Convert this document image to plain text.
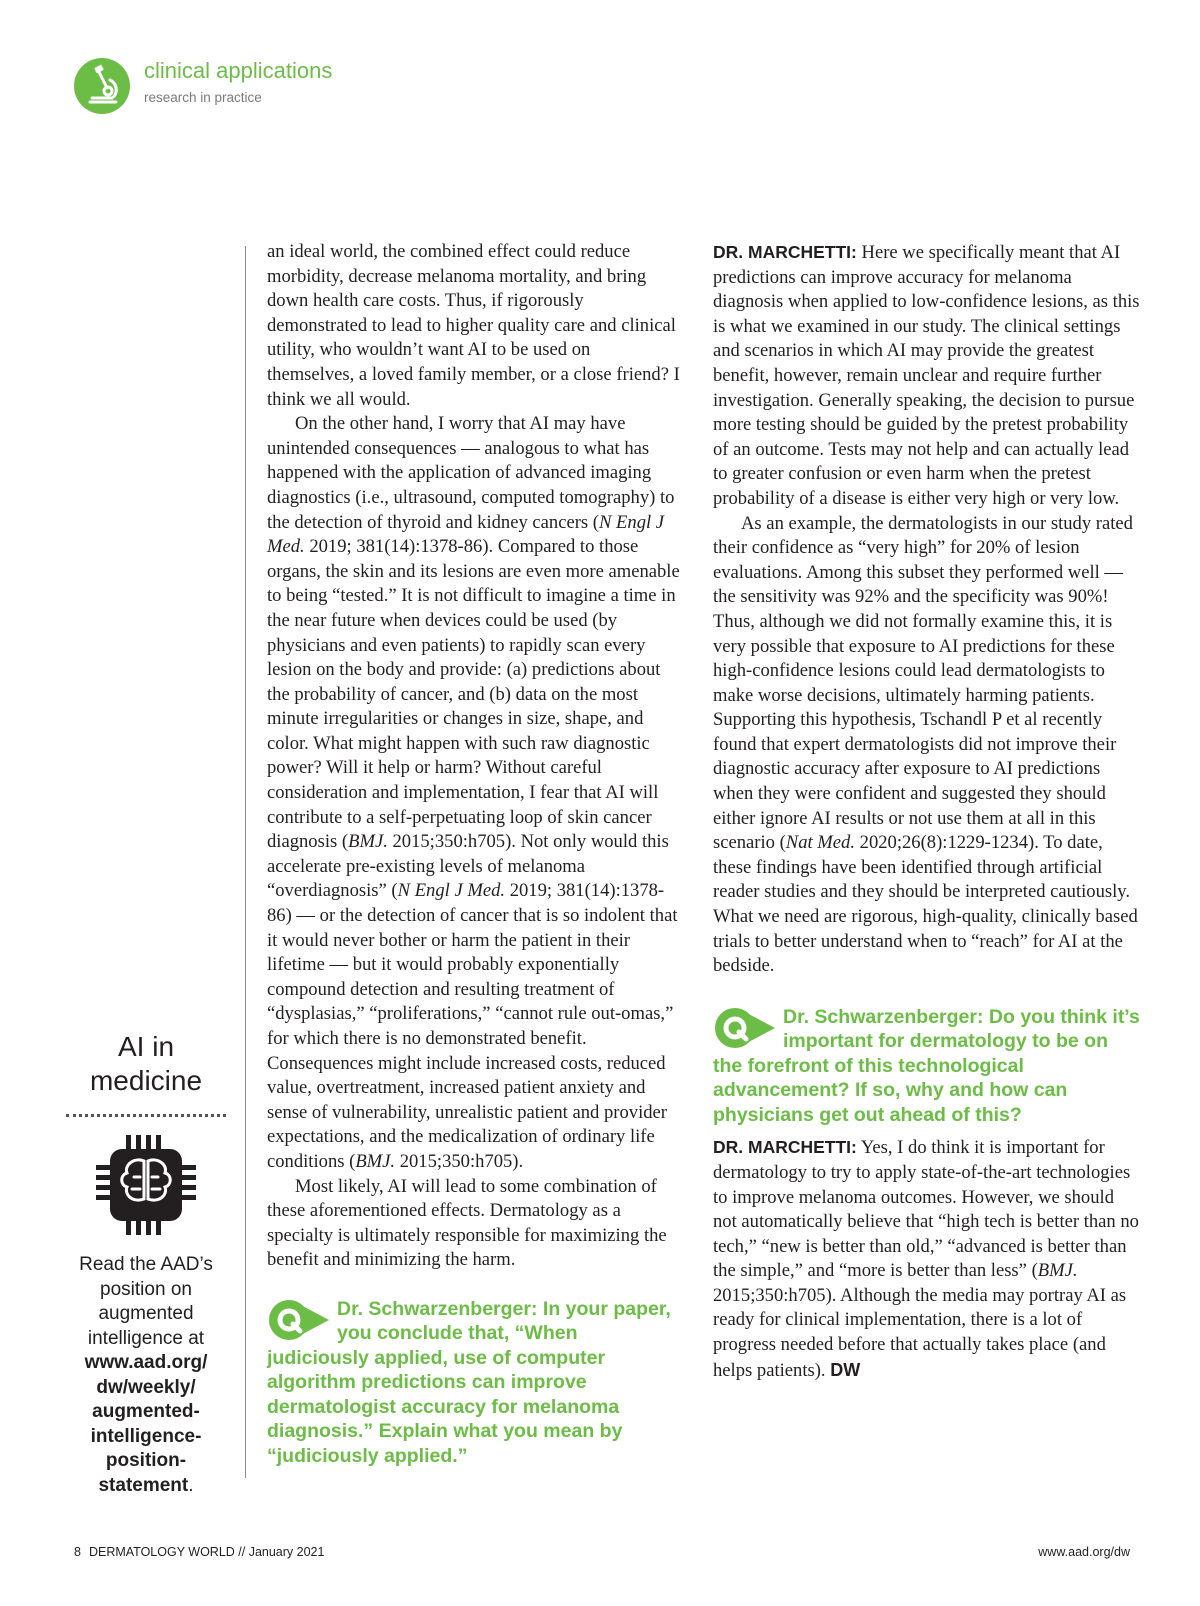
clinical applications
research in practice
AI in
medicine
Read the AAD’s
position on
augmented
intelligence at
www.aad.org/
dw/weekly/
augmented-
intelligence-
position-
statement.

an ideal world, the combined effect could reduce morbidity, decrease melanoma mortality, and bring down health care costs. Thus, if rigorously demonstrated to lead to higher quality care and clinical utility, who wouldn’t want AI to be used on themselves, a loved family member, or a close friend? I think we all would.

On the other hand, I worry that AI may have unintended consequences — analogous to what has happened with the application of advanced imaging diagnostics (i.e., ultrasound, computed tomography) to the detection of thyroid and kidney cancers (N Engl J Med. 2019; 381(14):1378-86). Compared to those organs, the skin and its lesions are even more amenable to being “tested.” It is not difficult to imagine a time in the near future when devices could be used (by physicians and even patients) to rapidly scan every lesion on the body and provide: (a) predictions about the probability of cancer, and (b) data on the most minute irregularities or changes in size, shape, and color. What might happen with such raw diagnostic power? Will it help or harm? Without careful consideration and implementation, I fear that AI will contribute to a self-perpetuating loop of skin cancer diagnosis (BMJ. 2015;350:h705). Not only would this accelerate pre-existing levels of melanoma “overdiagnosis” (N Engl J Med. 2019; 381(14):1378-86) — or the detection of cancer that is so indolent that it would never bother or harm the patient in their lifetime — but it would probably exponentially compound detection and resulting treatment of “dysplasias,” “proliferations,” “cannot rule out-omas,” for which there is no demonstrated benefit. Consequences might include increased costs, reduced value, overtreatment, increased patient anxiety and sense of vulnerability, unrealistic patient and provider expectations, and the medicalization of ordinary life conditions (BMJ. 2015;350:h705).

Most likely, AI will lead to some combination of these aforementioned effects. Dermatology as a specialty is ultimately responsible for maximizing the benefit and minimizing the harm.

Dr. Schwarzenberger: In your paper, you conclude that, “When judiciously applied, use of computer algorithm predictions can improve dermatologist accuracy for melanoma diagnosis.” Explain what you mean by “judiciously applied.”

DR. MARCHETTI: Here we specifically meant that AI predictions can improve accuracy for melanoma diagnosis when applied to low-confidence lesions, as this is what we examined in our study. The clinical settings and scenarios in which AI may provide the greatest benefit, however, remain unclear and require further investigation. Generally speaking, the decision to pursue more testing should be guided by the pretest probability of an outcome. Tests may not help and can actually lead to greater confusion or even harm when the pretest probability of a disease is either very high or very low.

As an example, the dermatologists in our study rated their confidence as “very high” for 20% of lesion evaluations. Among this subset they performed well — the sensitivity was 92% and the specificity was 90%! Thus, although we did not formally examine this, it is very possible that exposure to AI predictions for these high-confidence lesions could lead dermatologists to make worse decisions, ultimately harming patients. Supporting this hypothesis, Tschandl P et al recently found that expert dermatologists did not improve their diagnostic accuracy after exposure to AI predictions when they were confident and suggested they should either ignore AI results or not use them at all in this scenario (Nat Med. 2020;26(8):1229-1234). To date, these findings have been identified through artificial reader studies and they should be interpreted cautiously. What we need are rigorous, high-quality, clinically based trials to better understand when to “reach” for AI at the bedside.

Dr. Schwarzenberger: Do you think it’s important for dermatology to be on the forefront of this technological advancement? If so, why and how can physicians get out ahead of this?

DR. MARCHETTI: Yes, I do think it is important for dermatology to try to apply state-of-the-art technologies to improve melanoma outcomes. However, we should not automatically believe that “high tech is better than no tech,” “new is better than old,” “advanced is better than the simple,” and “more is better than less” (BMJ. 2015;350:h705). Although the media may portray AI as ready for clinical implementation, there is a lot of progress needed before that actually takes place (and helps patients). DW

8 DERMATOLOGY WORLD // January 2021	www.aad.org/dw
